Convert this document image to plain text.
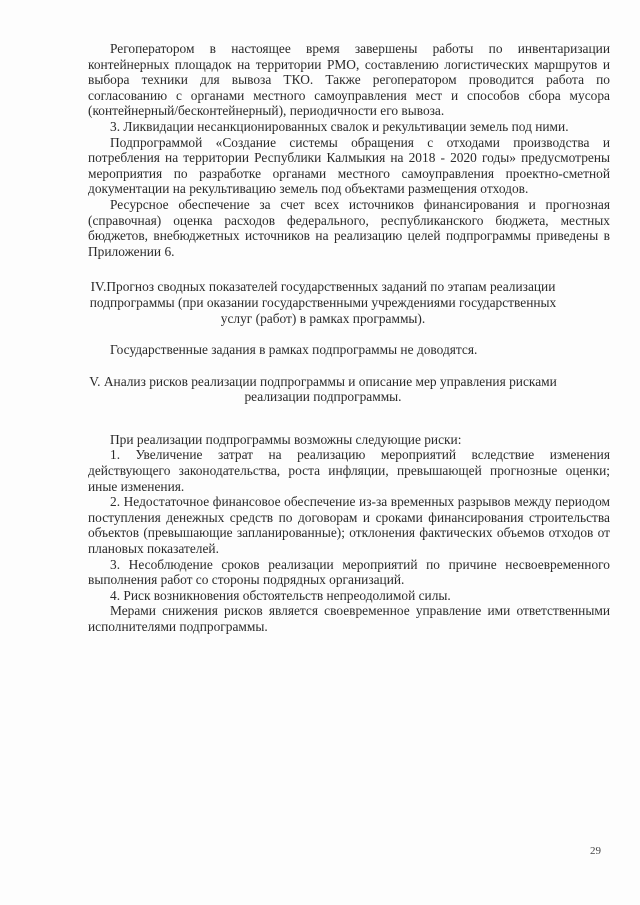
Регоператором в настоящее время завершены работы по инвентаризации контейнерных площадок на территории РМО, составлению логистических маршрутов и выбора техники для вывоза ТКО. Также регоператором проводится работа по согласованию с органами местного самоуправления мест и способов сбора мусора (контейнерный/бесконтейнерный), периодичности его вывоза.

3. Ликвидации несанкционированных свалок и рекультивации земель под ними.

Подпрограммой «Создание системы обращения с отходами производства и потребления на территории Республики Калмыкия на 2018 - 2020 годы» предусмотрены мероприятия по разработке органами местного самоуправления проектно-сметной документации на рекультивацию земель под объектами размещения отходов.

Ресурсное обеспечение за счет всех источников финансирования и прогнозная (справочная) оценка расходов федерального, республиканского бюджета, местных бюджетов, внебюджетных источников на реализацию целей подпрограммы приведены в Приложении 6.

IV.Прогноз сводных показателей государственных заданий по этапам реализации подпрограммы (при оказании государственными учреждениями государственных услуг (работ) в рамках программы).

Государственные задания в рамках подпрограммы не доводятся.

V. Анализ рисков реализации подпрограммы и описание мер управления рисками реализации подпрограммы.

При реализации подпрограммы возможны следующие риски:

1. Увеличение затрат на реализацию мероприятий вследствие изменения действующего законодательства, роста инфляции, превышающей прогнозные оценки; иные изменения.

2. Недостаточное финансовое обеспечение из-за временных разрывов между периодом поступления денежных средств по договорам и сроками финансирования строительства объектов (превышающие запланированные); отклонения фактических объемов отходов от плановых показателей.

3. Несоблюдение сроков реализации мероприятий по причине несвоевременного выполнения работ со стороны подрядных организаций.

4. Риск возникновения обстоятельств непреодолимой силы.

Мерами снижения рисков является своевременное управление ими ответственными исполнителями подпрограммы.

29
